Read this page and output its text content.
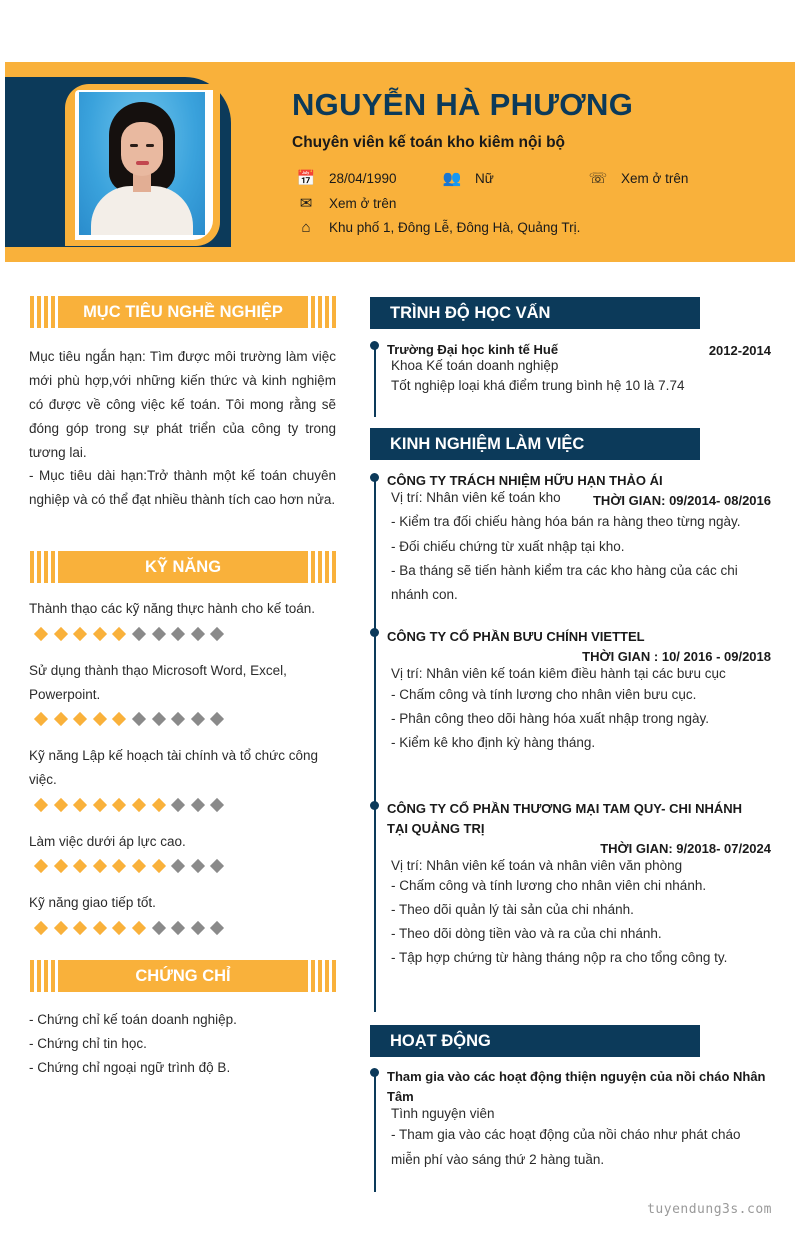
NGUYỄN HÀ PHƯƠNG
Chuyên viên kế toán kho kiêm nội bộ
📅 28/04/1990	👥 Nữ	☏ Xem ở trên
✉ Xem ở trên
⌂	Khu phố 1, Đông Lễ, Đông Hà, Quảng Trị.
MỤC TIÊU NGHỀ NGHIỆP
Mục tiêu ngắn hạn: Tìm được môi trường làm việc mới phù hợp,với những kiến thức và kinh nghiệm có được về công việc kế toán. Tôi mong rằng sẽ đóng góp trong sự phát triển của công ty trong tương lai.
- Mục tiêu dài hạn:Trở thành một kế toán chuyên nghiệp và có thể đạt nhiều thành tích cao hơn nửa.
KỸ NĂNG
Thành thạo các kỹ năng thực hành cho kế toán.
Sử dụng thành thạo Microsoft Word, Excel,
Powerpoint.
Kỹ năng Lập kế hoạch tài chính và tổ chức công
việc.
Làm việc dưới áp lực cao.
Kỹ năng giao tiếp tốt.
CHỨNG CHỈ
- Chứng chỉ kế toán doanh nghiệp.
- Chứng chỉ tin học.
- Chứng chỉ ngoại ngữ trình độ B.
TRÌNH ĐỘ HỌC VẤN
Trường Đại học kinh tế Huế	2012-2014
Khoa Kế toán doanh nghiệp
Tốt nghiệp loại khá điểm trung bình hệ 10 là 7.74
KINH NGHIỆM LÀM VIỆC
CÔNG TY TRÁCH NHIỆM HỮU HẠN THẢO ÁI
Vị trí: Nhân viên kế toán kho THỜI GIAN: 09/2014- 08/2016
- Kiểm tra đối chiếu hàng hóa bán ra hàng theo từng ngày.
- Đối chiếu chứng từ xuất nhập tại kho.
- Ba tháng sẽ tiến hành kiểm tra các kho hàng của các chi
nhánh con.
CÔNG TY CỔ PHẦN BƯU CHÍNH VIETTEL
THỜI GIAN : 10/ 2016 - 09/2018
Vị trí: Nhân viên kế toán kiêm điều hành tại các bưu cục
- Chấm công và tính lương cho nhân viên bưu cục.
- Phân công theo dõi hàng hóa xuất nhập trong ngày.
- Kiểm kê kho định kỳ hàng tháng.
CÔNG TY CỔ PHẦN THƯƠNG MẠI TAM QUY- CHI NHÁNH
TẠI QUẢNG TRỊ
THỜI GIAN: 9/2018- 07/2024
Vị trí: Nhân viên kế toán và nhân viên văn phòng
- Chấm công và tính lương cho nhân viên chi nhánh.
- Theo dõi quản lý tài sản của chi nhánh.
- Theo dõi dòng tiền vào và ra của chi nhánh.
- Tập hợp chứng từ hàng tháng nộp ra cho tổng công ty.
HOẠT ĐỘNG
Tham gia vào các hoạt động thiện nguyện của nồi cháo Nhân
Tâm
Tình nguyện viên
- Tham gia vào các hoạt động của nồi cháo như phát cháo
miễn phí vào sáng thứ 2 hàng tuần.
tuyendung3s.com
